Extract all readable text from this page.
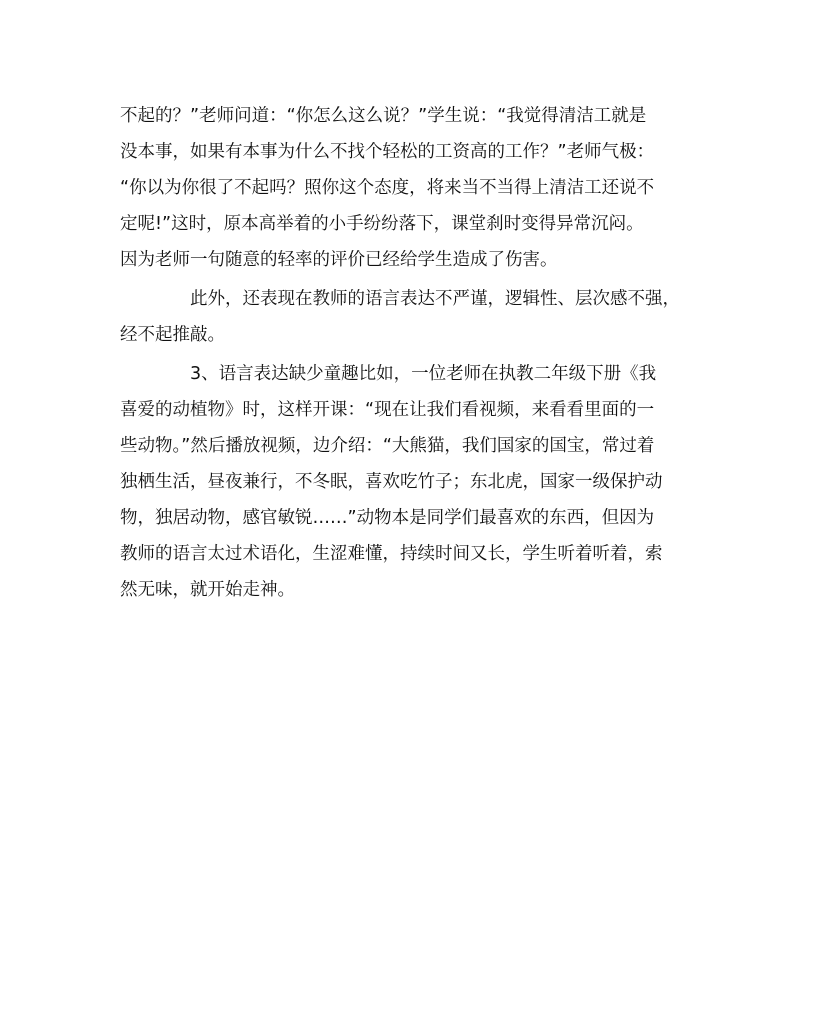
不起的？”老师问道：“你怎么这么说？”学生说：“我觉得清洁工就是
没本事，如果有本事为什么不找个轻松的工资高的工作？”老师气极：
“你以为你很了不起吗？照你这个态度，将来当不当得上清洁工还说不
定呢!”这时，原本高举着的小手纷纷落下，课堂刹时变得异常沉闷。
因为老师一句随意的轻率的评价已经给学生造成了伤害。
此外，还表现在教师的语言表达不严谨，逻辑性、层次感不强，
经不起推敲。
3、语言表达缺少童趣比如，一位老师在执教二年级下册《我
喜爱的动植物》时，这样开课：“现在让我们看视频，来看看里面的一
些动物。”然后播放视频，边介绍：“大熊猫，我们国家的国宝，常过着
独栖生活，昼夜兼行，不冬眠，喜欢吃竹子；东北虎，国家一级保护动
物，独居动物，感官敏锐……”动物本是同学们最喜欢的东西，但因为
教师的语言太过术语化，生涩难懂，持续时间又长，学生听着听着，索
然无味，就开始走神。
